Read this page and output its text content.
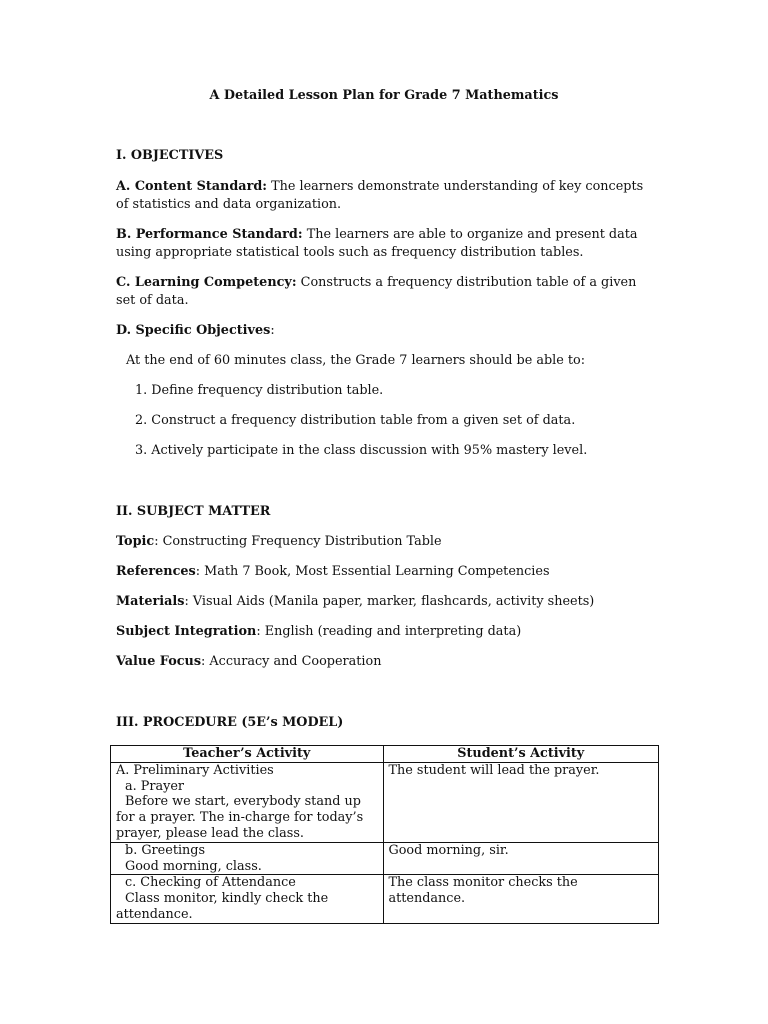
A Detailed Lesson Plan for Grade 7 Mathematics
I. OBJECTIVES
A. Content Standard: The learners demonstrate understanding of key concepts of statistics and data organization.
B. Performance Standard: The learners are able to organize and present data using appropriate statistical tools such as frequency distribution tables.
C. Learning Competency: Constructs a frequency distribution table of a given set of data.
D. Specific Objectives:
At the end of 60 minutes class, the Grade 7 learners should be able to:
1. Define frequency distribution table.
2. Construct a frequency distribution table from a given set of data.
3. Actively participate in the class discussion with 95% mastery level.
II. SUBJECT MATTER
Topic: Constructing Frequency Distribution Table
References: Math 7 Book, Most Essential Learning Competencies
Materials: Visual Aids (Manila paper, marker, flashcards, activity sheets)
Subject Integration: English (reading and interpreting data)
Value Focus: Accuracy and Cooperation
III. PROCEDURE (5E’s MODEL)
Teacher’s Activity	Student’s Activity

A. Preliminary Activities
a. Prayer
Before we start, everybody stand up for a prayer. The in-charge for today’s prayer, please lead the class.	The student will lead the prayer.

b. Greetings
Good morning, class.	Good morning, sir.

c. Checking of Attendance
Class monitor, kindly check the attendance.	The class monitor checks the attendance.
